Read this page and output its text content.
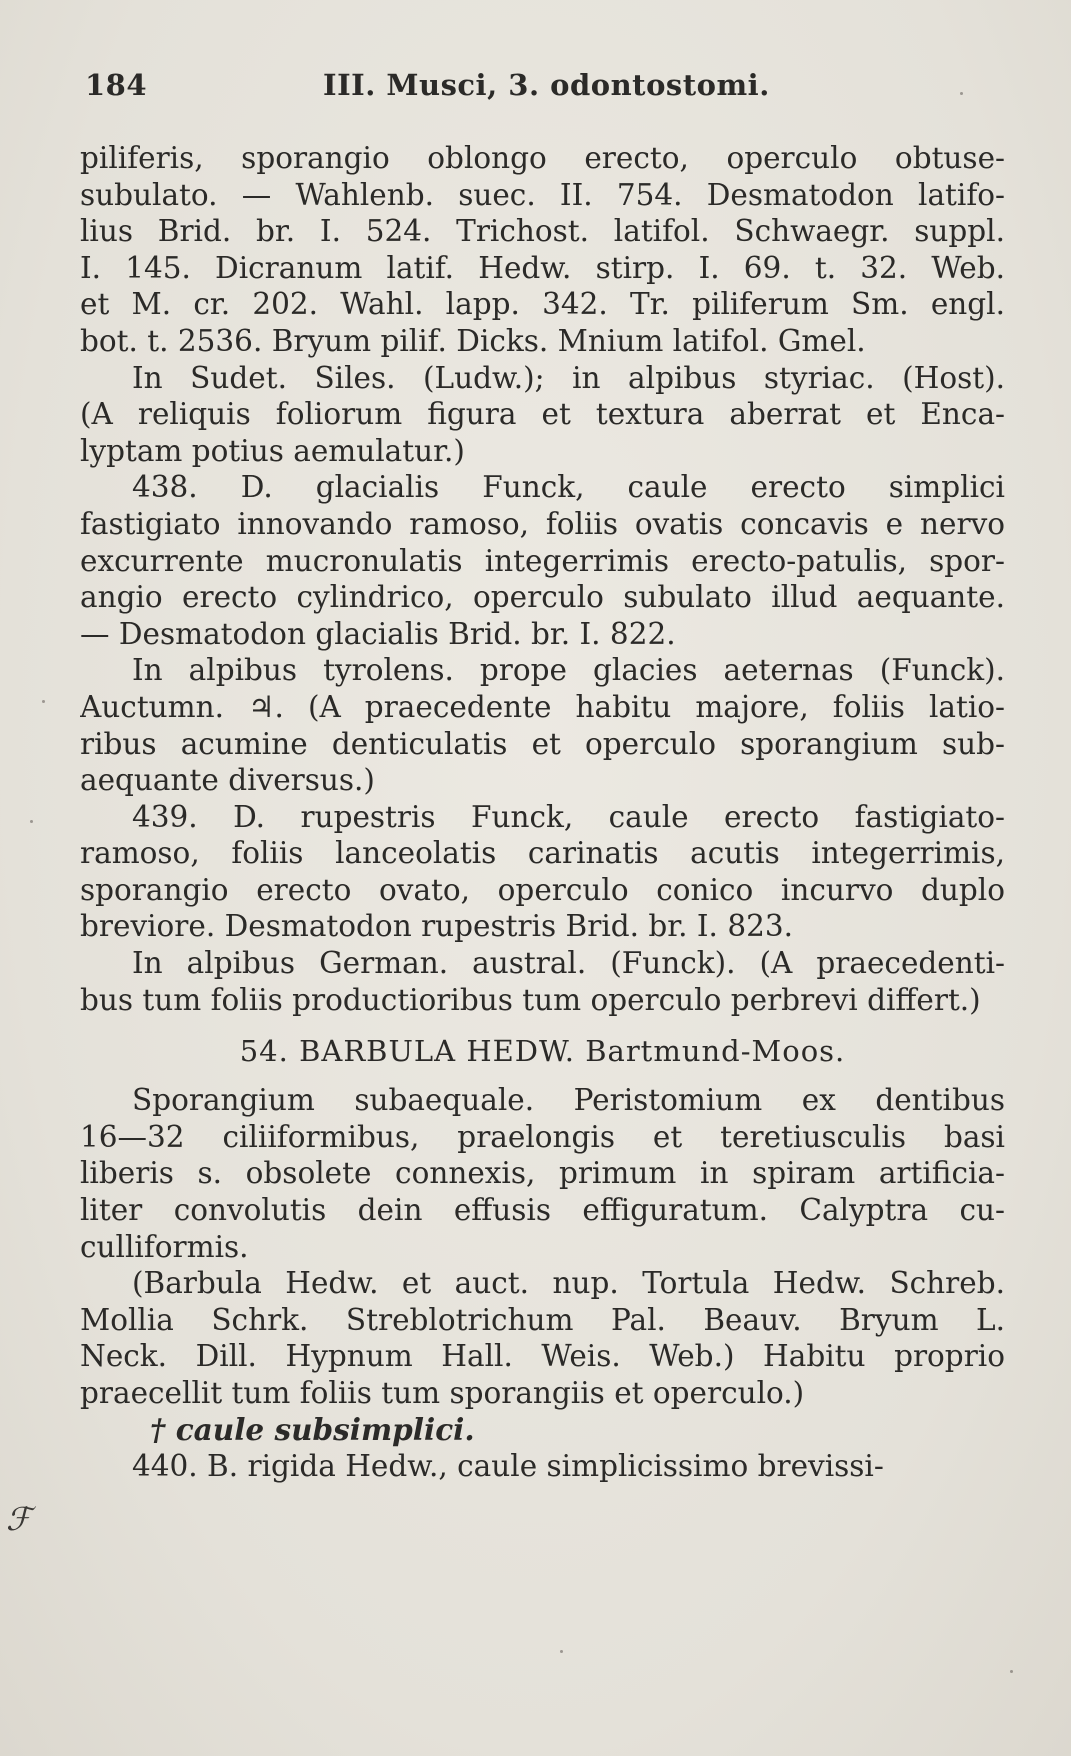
184	III. Musci, 3. odontostomi.
piliferis, sporangio oblongo erecto, operculo obtuse-
subulato. — Wahlenb. suec. II. 754. Desmatodon latifo-
lius Brid. br. I. 524. Trichost. latifol. Schwaegr. suppl.
I. 145. Dicranum latif. Hedw. stirp. I. 69. t. 32. Web.
et M. cr. 202. Wahl. lapp. 342. Tr. piliferum Sm. engl.
bot. t. 2536. Bryum pilif. Dicks. Mnium latifol. Gmel.
In Sudet. Siles. (Ludw.); in alpibus styriac. (Host).
(A reliquis foliorum figura et textura aberrat et Enca-
lyptam potius aemulatur.)
438. D. glacialis Funck, caule erecto simplici
fastigiato innovando ramoso, foliis ovatis concavis e nervo
excurrente mucronulatis integerrimis erecto-patulis, spor-
angio erecto cylindrico, operculo subulato illud aequante.
— Desmatodon glacialis Brid. br. I. 822.
In alpibus tyrolens. prope glacies aeternas (Funck).
Auctumn. ♃. (A praecedente habitu majore, foliis latio-
ribus acumine denticulatis et operculo sporangium sub-
aequante diversus.)
439. D. rupestris Funck, caule erecto fastigiato-
ramoso, foliis lanceolatis carinatis acutis integerrimis,
sporangio erecto ovato, operculo conico incurvo duplo
breviore. Desmatodon rupestris Brid. br. I. 823.
In alpibus German. austral. (Funck). (A praecedenti-
bus tum foliis productioribus tum operculo perbrevi differt.)
54. BARBULA HEDW. Bartmund-Moos.
Sporangium subaequale. Peristomium ex dentibus
16—32 ciliiformibus, praelongis et teretiusculis basi
liberis s. obsolete connexis, primum in spiram artificia-
liter convolutis dein effusis effiguratum. Calyptra cu-
culliformis.
(Barbula Hedw. et auct. nup. Tortula Hedw. Schreb.
Mollia Schrk. Streblotrichum Pal. Beauv. Bryum L.
Neck. Dill. Hypnum Hall. Weis. Web.) Habitu proprio
praecellit tum foliis tum sporangiis et operculo.)
† caule subsimplici.
440. B. rigida Hedw., caule simplicissimo brevissi-
ℱ
